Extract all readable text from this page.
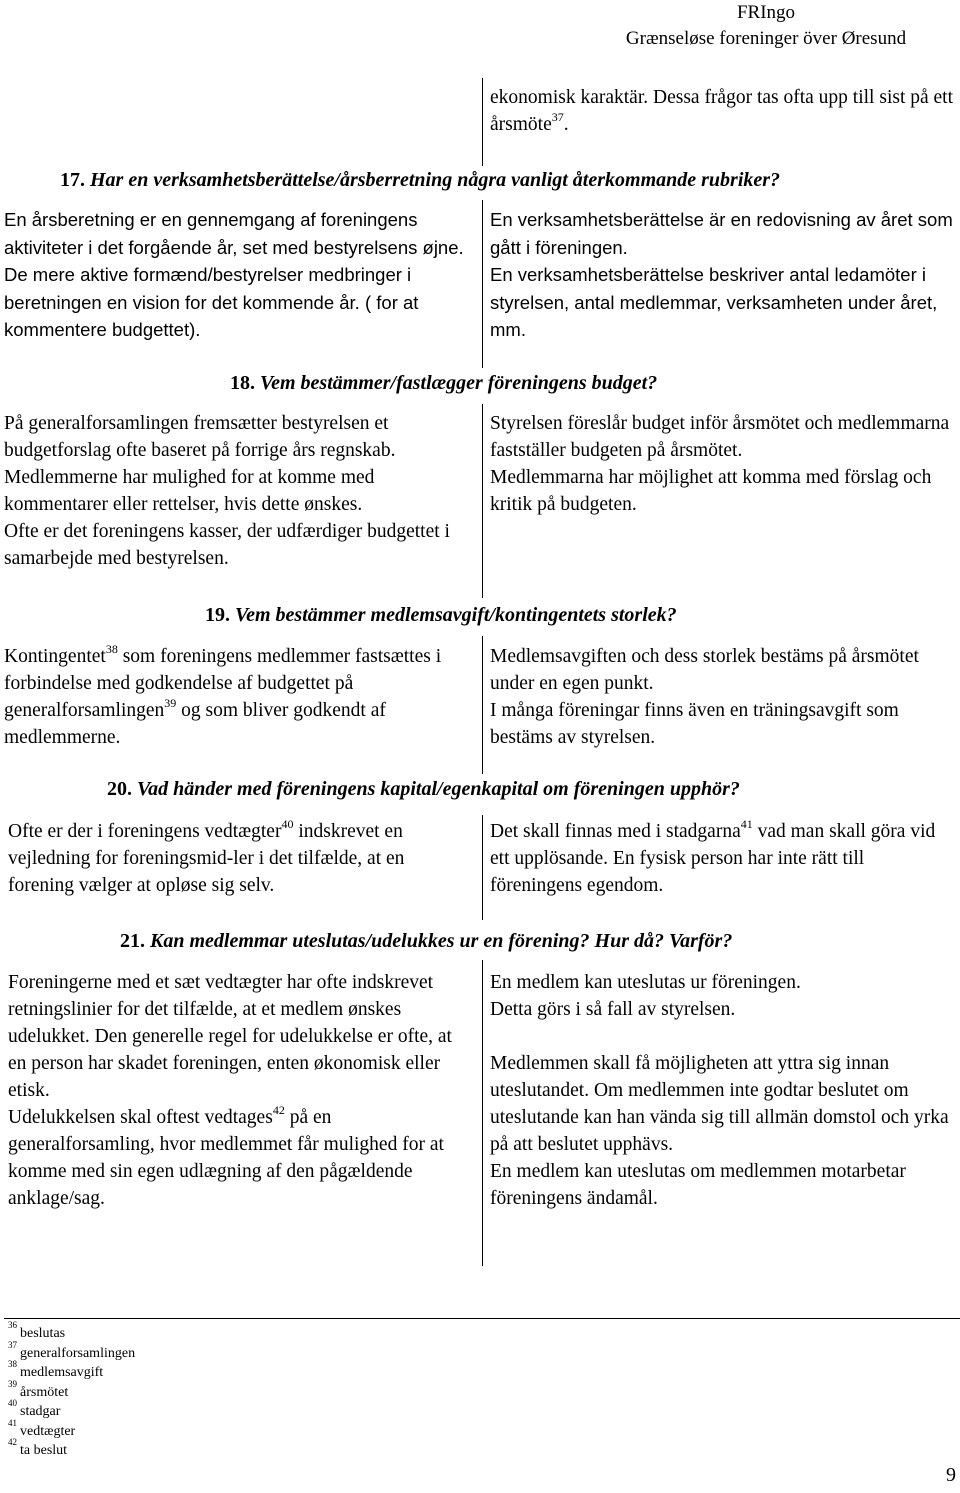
FRIngo
Grænseløse foreninger över Øresund
ekonomisk karaktär. Dessa frågor tas ofta upp till sist på ett årsmöte$^{37}$.
17. Har en verksamhetsberättelse/årsberretning några vanligt återkommande rubriker?
En årsberetning er en gennemgang af foreningens aktiviteter i det forgående år, set med bestyrelsens øjne. De mere aktive formænd/bestyrelser medbringer i beretningen en vision for det kommende år. ( for at kommentere budgettet).
En verksamhetsberättelse är en redovisning av året som gått i föreningen.
En verksamhetsberättelse beskriver antal ledamöter i styrelsen, antal medlemmar, verksamheten under året, mm.
18. Vem bestämmer/fastlægger föreningens budget?
På generalforsamlingen fremsætter bestyrelsen et budgetforslag ofte baseret på forrige års regnskab.
Medlemmerne har mulighed for at komme med kommentarer eller rettelser, hvis dette ønskes.
Ofte er det foreningens kasser, der udfærdiger budgettet i samarbejde med bestyrelsen.
Styrelsen föreslår budget inför årsmötet och medlemmarna fastställer budgeten på årsmötet.
Medlemmarna har möjlighet att komma med förslag och kritik på budgeten.
19. Vem bestämmer medlemsavgift/kontingentets storlek?
Kontingentet$^{38}$ som foreningens medlemmer fastsættes i forbindelse med godkendelse af budgettet på generalforsamlingen$^{39}$ og som bliver godkendt af medlemmerne.
Medlemsavgiften och dess storlek bestäms på årsmötet under en egen punkt.
I många föreningar finns även en träningsavgift som bestäms av styrelsen.
20. Vad händer med föreningens kapital/egenkapital om föreningen upphör?
Ofte er der i foreningens vedtægter$^{40}$ indskrevet en vejledning for foreningsmid-ler i det tilfælde, at en forening vælger at opløse sig selv.
Det skall finnas med i stadgarna$^{41}$ vad man skall göra vid ett upplösande. En fysisk person har inte rätt till föreningens egendom.
21. Kan medlemmar uteslutas/udelukkes ur en förening? Hur då? Varför?
Foreningerne med et sæt vedtægter har ofte indskrevet retningslinier for det tilfælde, at et medlem ønskes udelukket. Den generelle regel for udelukkelse er ofte, at en person har skadet foreningen, enten økonomisk eller etisk.
Udelukkelsen skal oftest vedtages$^{42}$ på en generalforsamling, hvor medlemmet får mulighed for at komme med sin egen udlægning af den pågældende anklage/sag.
En medlem kan uteslutas ur föreningen.
Detta görs i så fall av styrelsen.
Medlemmen skall få möjligheten att yttra sig innan uteslutandet. Om medlemmen inte godtar beslutet om uteslutande kan han vända sig till allmän domstol och yrka på att beslutet upphävs.
En medlem kan uteslutas om medlemmen motarbetar föreningens ändamål.
$^{36}$beslutas
$^{37}$generalforsamlingen
$^{38}$medlemsavgift
$^{39}$årsmötet
$^{40}$stadgar
$^{41}$vedtægter
$^{42}$ta beslut
9
